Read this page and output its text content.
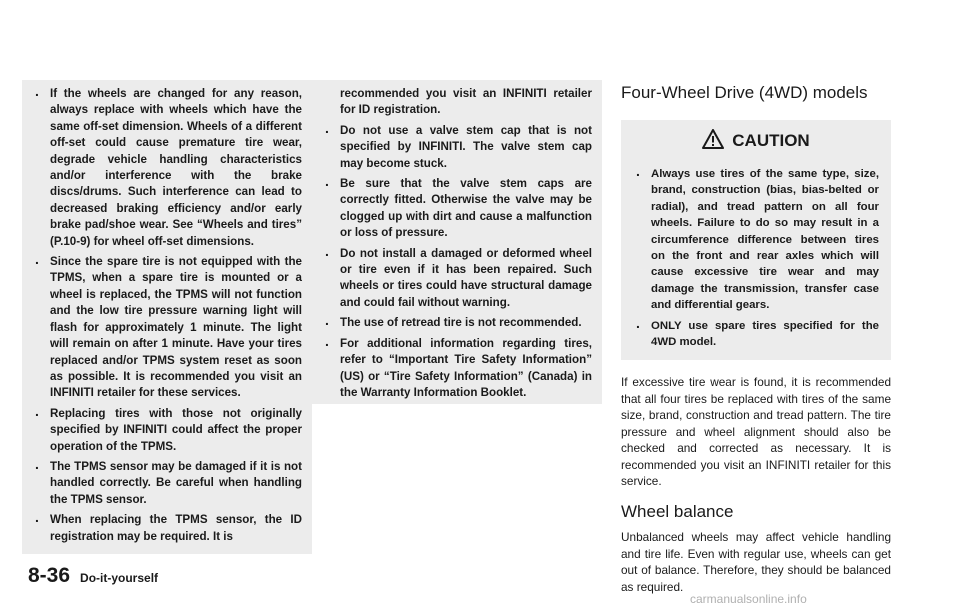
. If the wheels are changed for any reason, always replace with wheels which have the same off-set dimension. Wheels of a different off-set could cause premature tire wear, degrade vehicle handling characteristics and/or interference with the brake discs/drums. Such interference can lead to decreased braking efficiency and/or early brake pad/shoe wear. See “Wheels and tires” (P.10-9) for wheel off-set dimensions.
. Since the spare tire is not equipped with the TPMS, when a spare tire is mounted or a wheel is replaced, the TPMS will not function and the low tire pressure warning light will flash for approximately 1 minute. The light will remain on after 1 minute. Have your tires replaced and/or TPMS system reset as soon as possible. It is recommended you visit an INFINITI retailer for these services.
. Replacing tires with those not originally specified by INFINITI could affect the proper operation of the TPMS.
. The TPMS sensor may be damaged if it is not handled correctly. Be careful when handling the TPMS sensor.
. When replacing the TPMS sensor, the ID registration may be required. It is
recommended you visit an INFINITI retailer for ID registration.
. Do not use a valve stem cap that is not specified by INFINITI. The valve stem cap may become stuck.
. Be sure that the valve stem caps are correctly fitted. Otherwise the valve may be clogged up with dirt and cause a malfunction or loss of pressure.
. Do not install a damaged or deformed wheel or tire even if it has been repaired. Such wheels or tires could have structural damage and could fail without warning.
. The use of retread tire is not recommended.
. For additional information regarding tires, refer to “Important Tire Safety Information” (US) or “Tire Safety Information” (Canada) in the Warranty Information Booklet.
Four-Wheel Drive (4WD) models
CAUTION
. Always use tires of the same type, size, brand, construction (bias, bias-belted or radial), and tread pattern on all four wheels. Failure to do so may result in a circumference difference between tires on the front and rear axles which will cause excessive tire wear and may damage the transmission, transfer case and differential gears.
. ONLY use spare tires specified for the 4WD model.

If excessive tire wear is found, it is recommended that all four tires be replaced with tires of the same size, brand, construction and tread pattern. The tire pressure and wheel alignment should also be checked and corrected as necessary. It is recommended you visit an INFINITI retailer for this service.

Wheel balance

Unbalanced wheels may affect vehicle handling and tire life. Even with regular use, wheels can get out of balance. Therefore, they should be balanced as required.

8-36 Do-it-yourself
carmanualsonline.info
